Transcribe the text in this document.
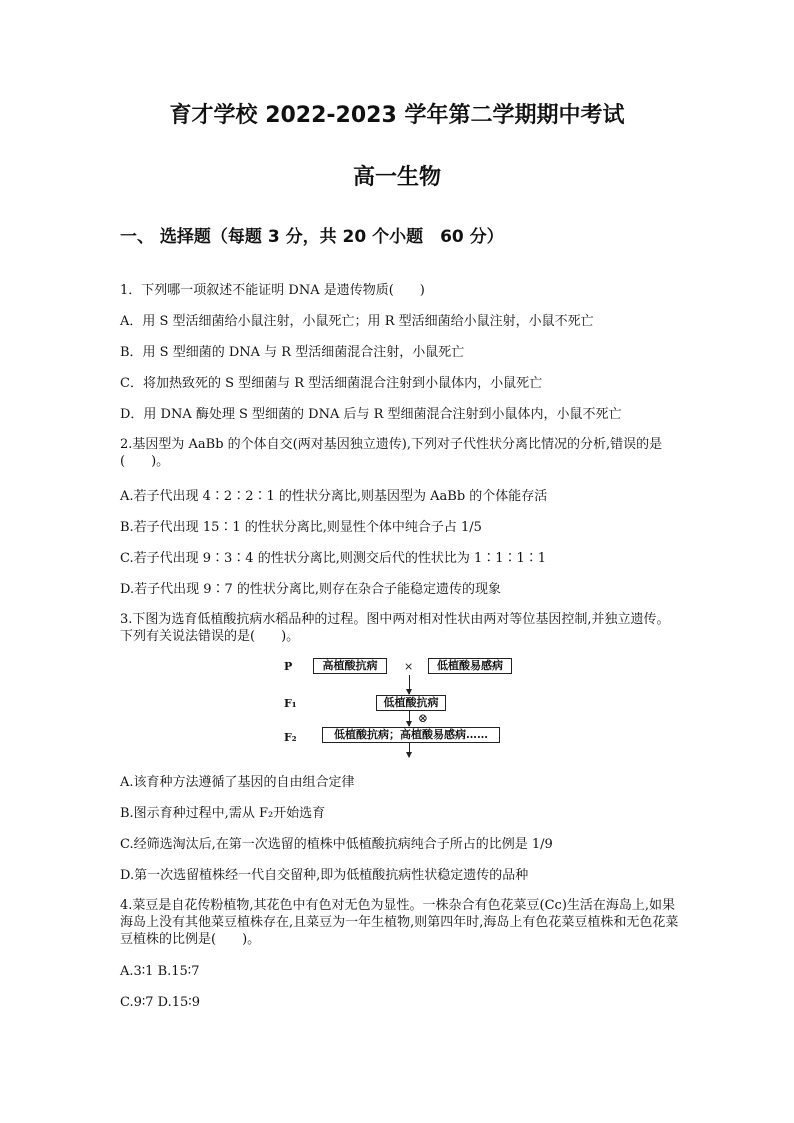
育才学校 2022-2023 学年第二学期期中考试
高一生物
一、 选择题（每题 3 分，共 20 个小题　60 分）
1．下列哪一项叙述不能证明 DNA 是遗传物质(　　)
A．用 S 型活细菌给小鼠注射，小鼠死亡；用 R 型活细菌给小鼠注射，小鼠不死亡
B．用 S 型细菌的 DNA 与 R 型活细菌混合注射，小鼠死亡
C．将加热致死的 S 型细菌与 R 型活细菌混合注射到小鼠体内，小鼠死亡
D．用 DNA 酶处理 S 型细菌的 DNA 后与 R 型细菌混合注射到小鼠体内，小鼠不死亡
2.基因型为 AaBb 的个体自交(两对基因独立遗传),下列对子代性状分离比情况的分析,错误的是(　　)。
A.若子代出现 4∶2∶2∶1 的性状分离比,则基因型为 AaBb 的个体能存活
B.若子代出现 15∶1 的性状分离比,则显性个体中纯合子占 1/5
C.若子代出现 9∶3∶4 的性状分离比,则测交后代的性状比为 1∶1∶1∶1
D.若子代出现 9∶7 的性状分离比,则存在杂合子能稳定遗传的现象
3.下图为选育低植酸抗病水稻品种的过程。图中两对相对性状由两对等位基因控制,并独立遗传。下列有关说法错误的是(　　)。
P
F₁
F₂
高植酸抗病	×	低植酸易感病
低植酸抗病
⊗
低植酸抗病；高植酸易感病……
A.该育种方法遵循了基因的自由组合定律
B.图示育种过程中,需从 F₂开始选育
C.经筛选淘汰后,在第一次选留的植株中低植酸抗病纯合子所占的比例是 1/9
D.第一次选留植株经一代自交留种,即为低植酸抗病性状稳定遗传的品种
4.菜豆是自花传粉植物,其花色中有色对无色为显性。一株杂合有色花菜豆(Cc)生活在海岛上,如果海岛上没有其他菜豆植株存在,且菜豆为一年生植物,则第四年时,海岛上有色花菜豆植株和无色花菜豆植株的比例是(　　)。
A.3∶1 B.15∶7
C.9∶7 D.15∶9
